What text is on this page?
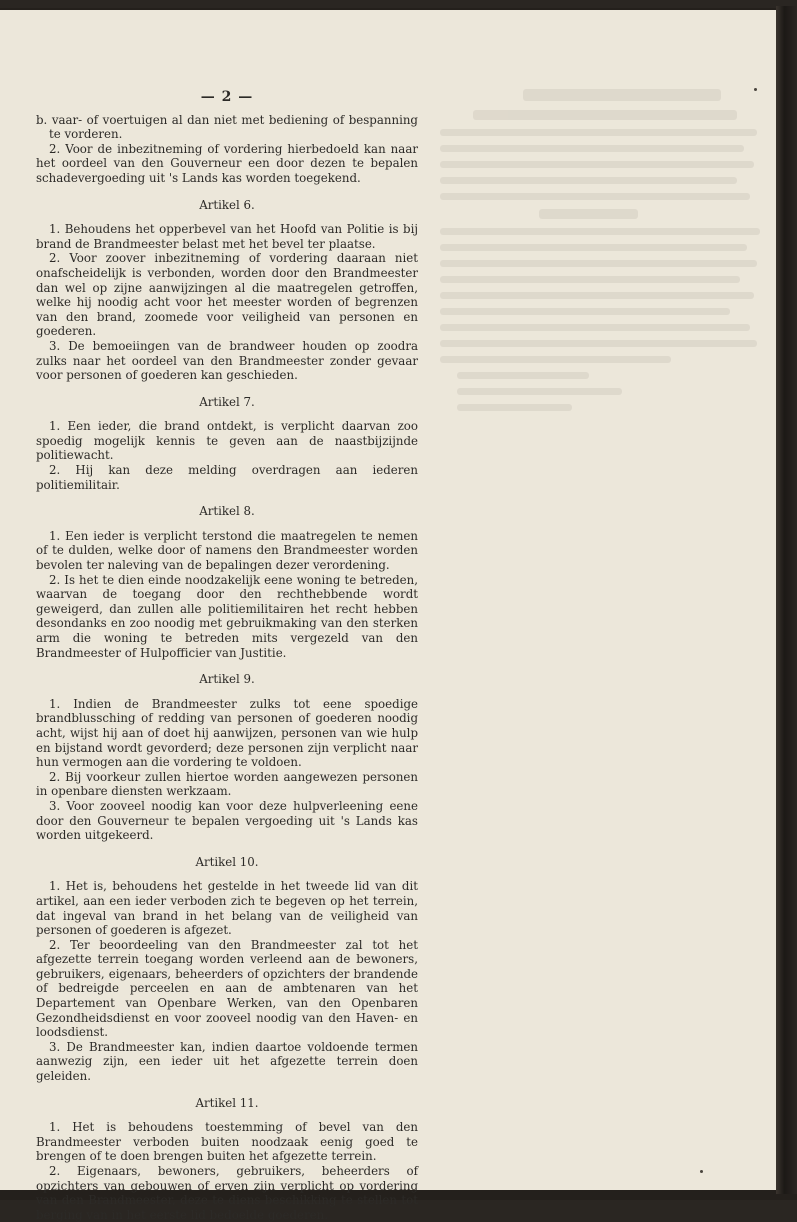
— 2 —

b. vaar- of voertuigen al dan niet met bediening of bespanning te vorderen.

2. Voor de inbezitneming of vordering hierbedoeld kan naar het oordeel van den Gouverneur een door dezen te bepalen schadevergoeding uit 's Lands kas worden toegekend.

Artikel 6.

1. Behoudens het opperbevel van het Hoofd van Politie is bij brand de Brandmeester belast met het bevel ter plaatse.

2. Voor zoover inbezitneming of vordering daaraan niet onafscheidelijk is verbonden, worden door den Brandmeester dan wel op zijne aanwijzingen al die maatregelen getroffen, welke hij noodig acht voor het meester worden of begrenzen van den brand, zoomede voor veiligheid van personen en goederen.

3. De bemoeiingen van de brandweer houden op zoodra zulks naar het oordeel van den Brandmeester zonder gevaar voor personen of goederen kan geschieden.

Artikel 7.

1. Een ieder, die brand ontdekt, is verplicht daarvan zoo spoedig mogelijk kennis te geven aan de naastbijzijnde politiewacht.

2. Hij kan deze melding overdragen aan iederen politiemilitair.

Artikel 8.

1. Een ieder is verplicht terstond die maatregelen te nemen of te dulden, welke door of namens den Brandmeester worden bevolen ter naleving van de bepalingen dezer verordening.

2. Is het te dien einde noodzakelijk eene woning te betreden, waarvan de toegang door den rechthebbende wordt geweigerd, dan zullen alle politiemilitairen het recht hebben desondanks en zoo noodig met gebruikmaking van den sterken arm die woning te betreden mits vergezeld van den Brandmeester of Hulpofficier van Justitie.

Artikel 9.

1. Indien de Brandmeester zulks tot eene spoedige brandblussching of redding van personen of goederen noodig acht, wijst hij aan of doet hij aanwijzen, personen van wie hulp en bijstand wordt gevorderd; deze personen zijn verplicht naar hun vermogen aan die vordering te voldoen.

2. Bij voorkeur zullen hiertoe worden aangewezen personen in openbare diensten werkzaam.

3. Voor zooveel noodig kan voor deze hulpverleening eene door den Gouverneur te bepalen vergoeding uit 's Lands kas worden uitgekeerd.

Artikel 10.

1. Het is, behoudens het gestelde in het tweede lid van dit artikel, aan een ieder verboden zich te begeven op het terrein, dat ingeval van brand in het belang van de veiligheid van personen of goederen is afgezet.

2. Ter beoordeeling van den Brandmeester zal tot het afgezette terrein toegang worden verleend aan de bewoners, gebruikers, eigenaars, beheerders of opzichters der brandende of bedreigde perceelen en aan de ambtenaren van het Departement van Openbare Werken, van den Openbaren Gezondheidsdienst en voor zooveel noodig van den Haven- en loodsdienst.

3. De Brandmeester kan, indien daartoe voldoende termen aanwezig zijn, een ieder uit het afgezette terrein doen geleiden.

Artikel 11.

1. Het is behoudens toestemming of bevel van den Brandmeester verboden buiten noodzaak eenig goed te brengen of te doen brengen buiten het afgezette terrein.

2. Eigenaars, bewoners, gebruikers, beheerders of opzichters van gebouwen of erven zijn verplicht op vordering van den Brandmeester, deze te diens beschikking te stellen tot berging van in het eerste lid bedoelde goederen.
